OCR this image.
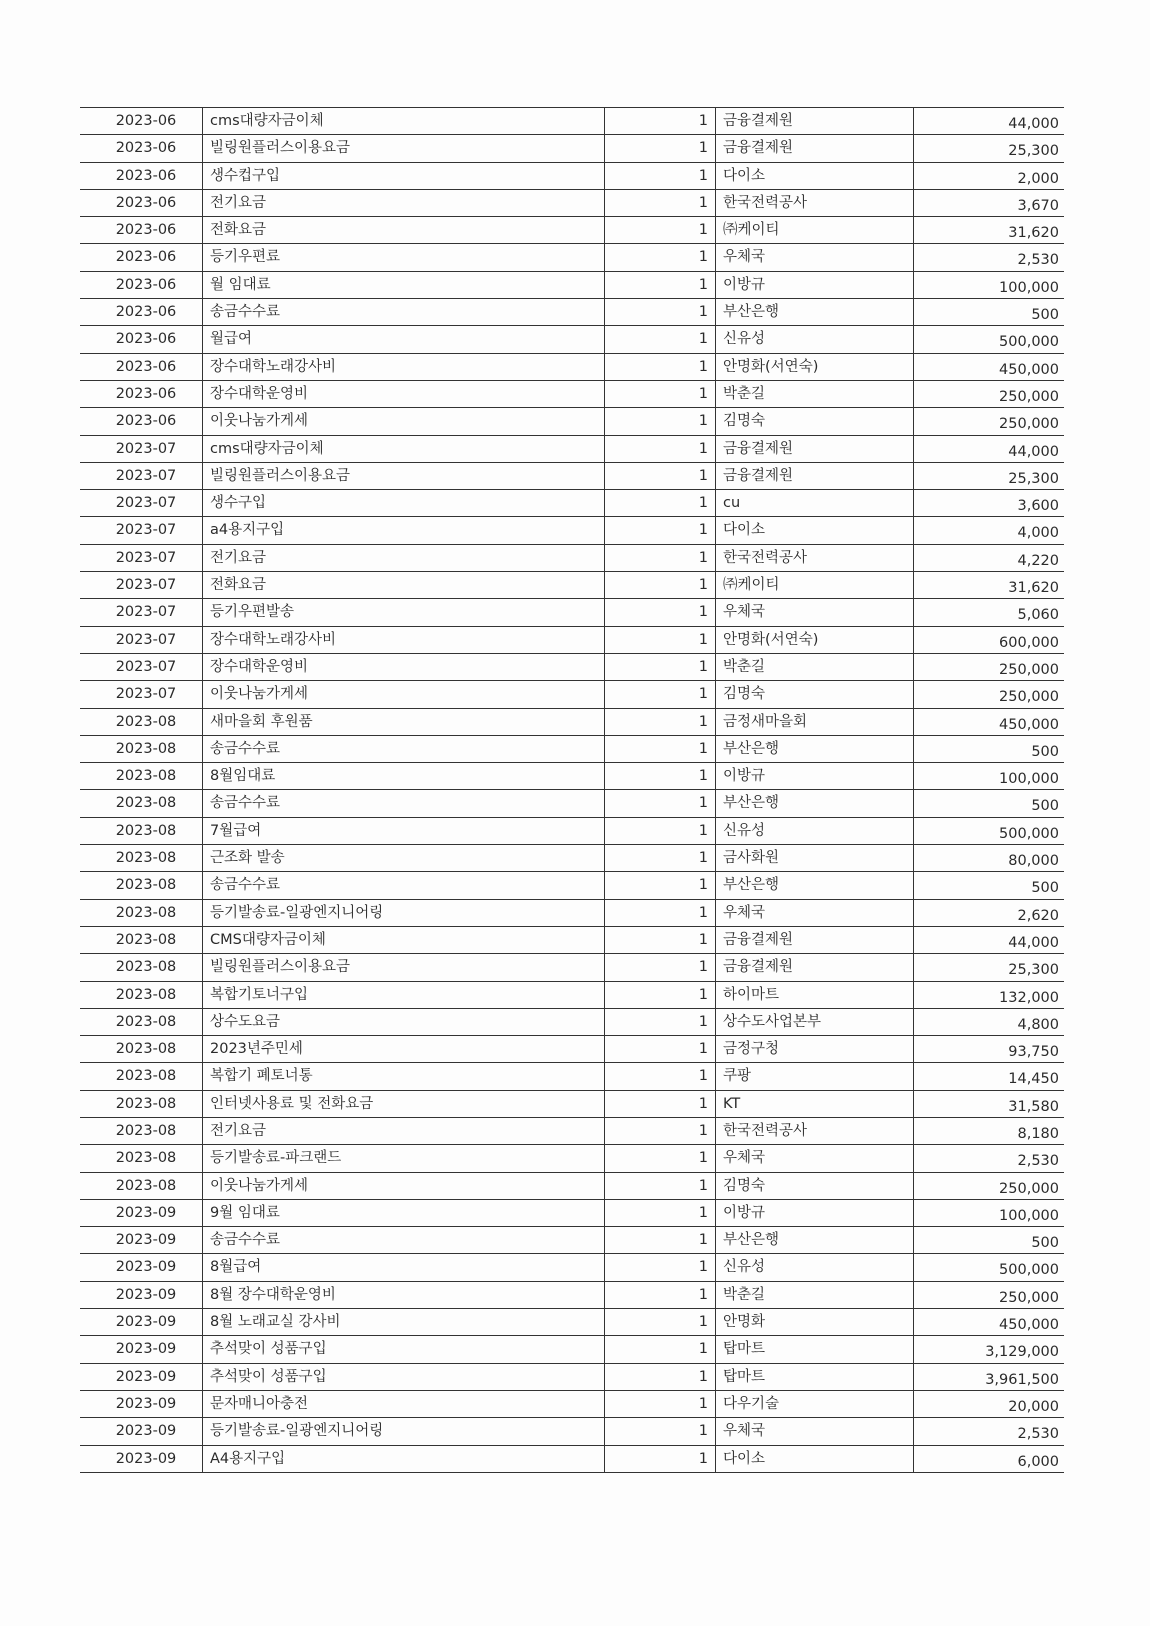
2023-06	cms대량자금이체	1	금융결제원	44,000
2023-06	빌링원플러스이용요금	1	금융결제원	25,300
2023-06	생수컵구입	1	다이소	2,000
2023-06	전기요금	1	한국전력공사	3,670
2023-06	전화요금	1	㈜케이티	31,620
2023-06	등기우편료	1	우체국	2,530
2023-06	월 임대료	1	이방규	100,000
2023-06	송금수수료	1	부산은행	500
2023-06	월급여	1	신유성	500,000
2023-06	장수대학노래강사비	1	안명화(서연숙)	450,000
2023-06	장수대학운영비	1	박춘길	250,000
2023-06	이웃나눔가게세	1	김명숙	250,000
2023-07	cms대량자금이체	1	금융결제원	44,000
2023-07	빌링원플러스이용요금	1	금융결제원	25,300
2023-07	생수구입	1	cu	3,600
2023-07	a4용지구입	1	다이소	4,000
2023-07	전기요금	1	한국전력공사	4,220
2023-07	전화요금	1	㈜케이티	31,620
2023-07	등기우편발송	1	우체국	5,060
2023-07	장수대학노래강사비	1	안명화(서연숙)	600,000
2023-07	장수대학운영비	1	박춘길	250,000
2023-07	이웃나눔가게세	1	김명숙	250,000
2023-08	새마을회 후원품	1	금정새마을회	450,000
2023-08	송금수수료	1	부산은행	500
2023-08	8월임대료	1	이방규	100,000
2023-08	송금수수료	1	부산은행	500
2023-08	7월급여	1	신유성	500,000
2023-08	근조화 발송	1	금사화원	80,000
2023-08	송금수수료	1	부산은행	500
2023-08	등기발송료-일광엔지니어링	1	우체국	2,620
2023-08	CMS대량자금이체	1	금융결제원	44,000
2023-08	빌링원플러스이용요금	1	금융결제원	25,300
2023-08	복합기토너구입	1	하이마트	132,000
2023-08	상수도요금	1	상수도사업본부	4,800
2023-08	2023년주민세	1	금정구청	93,750
2023-08	복합기 폐토너통	1	쿠팡	14,450
2023-08	인터넷사용료 및 전화요금	1	KT	31,580
2023-08	전기요금	1	한국전력공사	8,180
2023-08	등기발송료-파크랜드	1	우체국	2,530
2023-08	이웃나눔가게세	1	김명숙	250,000
2023-09	9월 임대료	1	이방규	100,000
2023-09	송금수수료	1	부산은행	500
2023-09	8월급여	1	신유성	500,000
2023-09	8월 장수대학운영비	1	박춘길	250,000
2023-09	8월 노래교실 강사비	1	안명화	450,000
2023-09	추석맞이 성품구입	1	탑마트	3,129,000
2023-09	추석맞이 성품구입	1	탑마트	3,961,500
2023-09	문자매니아충전	1	다우기술	20,000
2023-09	등기발송료-일광엔지니어링	1	우체국	2,530
2023-09	A4용지구입	1	다이소	6,000
